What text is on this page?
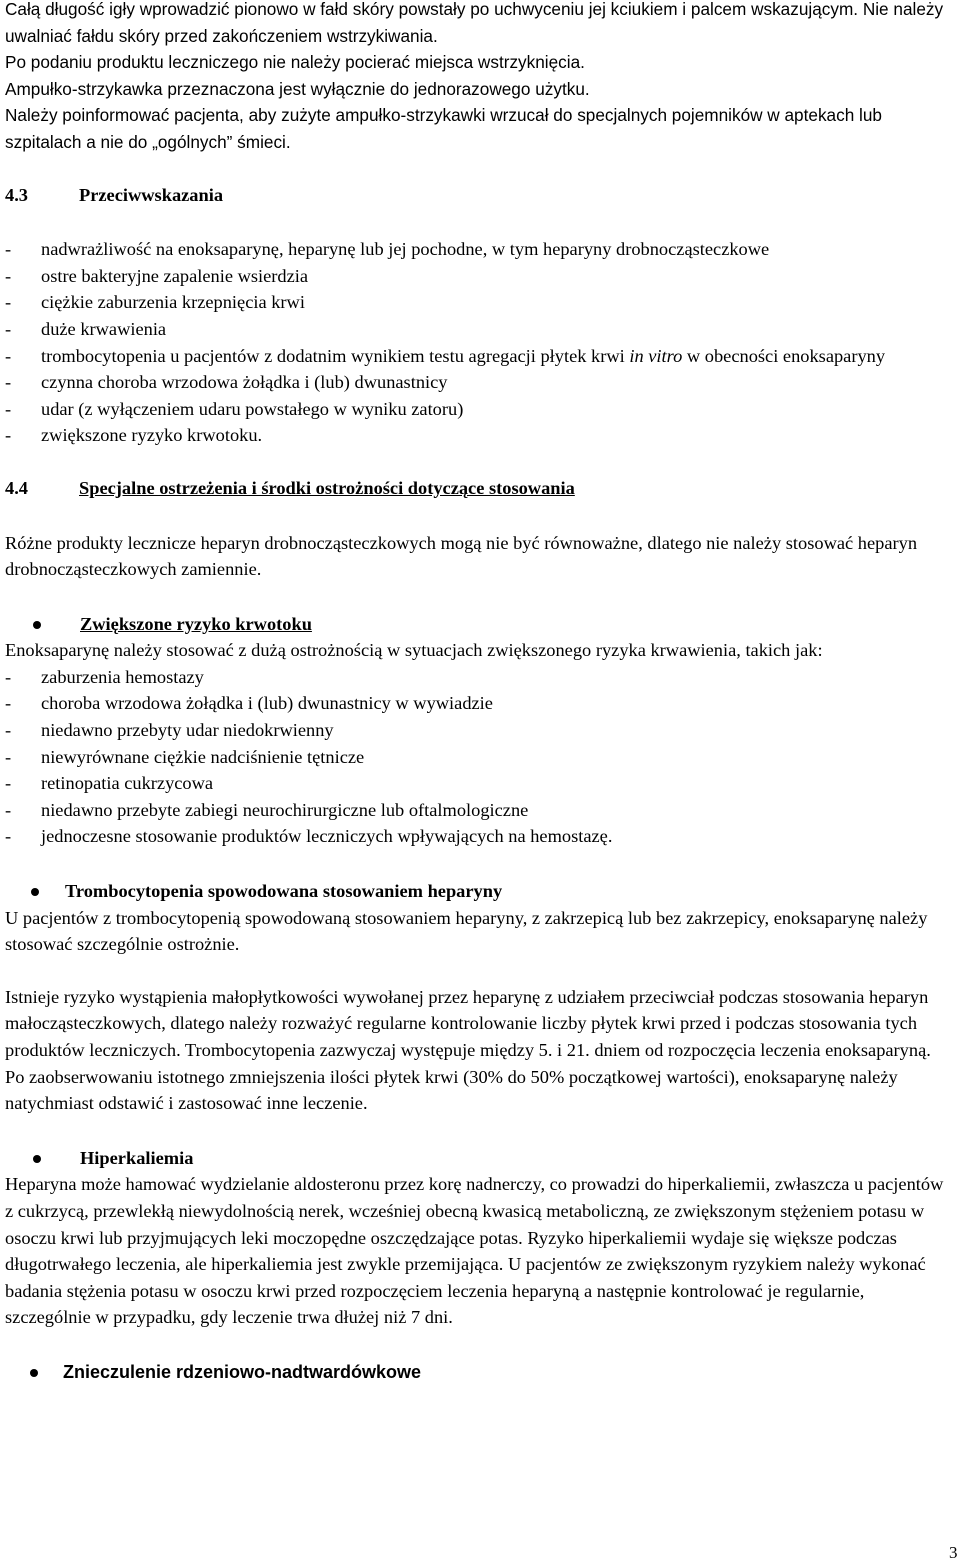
Całą długość igły wprowadzić pionowo w fałd skóry powstały po uchwyceniu jej kciukiem i palcem wskazującym. Nie należy uwalniać fałdu skóry przed zakończeniem wstrzykiwania.

Po podaniu produktu leczniczego nie należy pocierać miejsca wstrzyknięcia.

Ampułko-strzykawka przeznaczona jest wyłącznie do jednorazowego użytku.

Należy poinformować pacjenta, aby zużyte ampułko-strzykawki wrzucał do specjalnych pojemników w aptekach lub szpitalach a nie do „ogólnych” śmieci.

4.3	Przeciwwskazania

- nadwrażliwość na enoksaparynę, heparynę lub jej pochodne, w tym heparyny drobnocząsteczkowe
- ostre bakteryjne zapalenie wsierdzia
- ciężkie zaburzenia krzepnięcia krwi
- duże krwawienia
- trombocytopenia u pacjentów z dodatnim wynikiem testu agregacji płytek krwi in vitro w obecności enoksaparyny
- czynna choroba wrzodowa żołądka i (lub) dwunastnicy
- udar (z wyłączeniem udaru powstałego w wyniku zatoru)
- zwiększone ryzyko krwotoku.

4.4	Specjalne ostrzeżenia i środki ostrożności dotyczące stosowania

Różne produkty lecznicze heparyn drobnocząsteczkowych mogą nie być równoważne, dlatego nie należy stosować heparyn drobnocząsteczkowych zamiennie.

Zwiększone ryzyko krwotoku

Enoksaparynę należy stosować z dużą ostrożnością w sytuacjach zwiększonego ryzyka krwawienia, takich jak:

- zaburzenia hemostazy
- choroba wrzodowa żołądka i (lub) dwunastnicy w wywiadzie
- niedawno przebyty udar niedokrwienny
- niewyrównane ciężkie nadciśnienie tętnicze
- retinopatia cukrzycowa
- niedawno przebyte zabiegi neurochirurgiczne lub oftalmologiczne
- jednoczesne stosowanie produktów leczniczych wpływających na hemostazę.

Trombocytopenia spowodowana stosowaniem heparyny

U pacjentów z trombocytopenią spowodowaną stosowaniem heparyny, z zakrzepicą lub bez zakrzepicy, enoksaparynę należy stosować szczególnie ostrożnie.

Istnieje ryzyko wystąpienia małopłytkowości wywołanej przez heparynę z udziałem przeciwciał podczas stosowania heparyn małocząsteczkowych, dlatego należy rozważyć regularne kontrolowanie liczby płytek krwi przed i podczas stosowania tych produktów leczniczych. Trombocytopenia zazwyczaj występuje między 5. i 21. dniem od rozpoczęcia leczenia enoksaparyną. Po zaobserwowaniu istotnego zmniejszenia ilości płytek krwi (30% do 50% początkowej wartości), enoksaparynę należy natychmiast odstawić i zastosować inne leczenie.

Hiperkaliemia

Heparyna może hamować wydzielanie aldosteronu przez korę nadnerczy, co prowadzi do hiperkaliemii, zwłaszcza u pacjentów z cukrzycą, przewlekłą niewydolnością nerek, wcześniej obecną kwasicą metaboliczną, ze zwiększonym stężeniem potasu w osoczu krwi lub przyjmujących leki moczopędne oszczędzające potas. Ryzyko hiperkaliemii wydaje się większe podczas długotrwałego leczenia, ale hiperkaliemia jest zwykle przemijająca. U pacjentów ze zwiększonym ryzykiem należy wykonać badania stężenia potasu w osoczu krwi przed rozpoczęciem leczenia heparyną a następnie kontrolować je regularnie, szczególnie w przypadku, gdy leczenie trwa dłużej niż 7 dni.

Znieczulenie rdzeniowo-nadtwardówkowe

3
